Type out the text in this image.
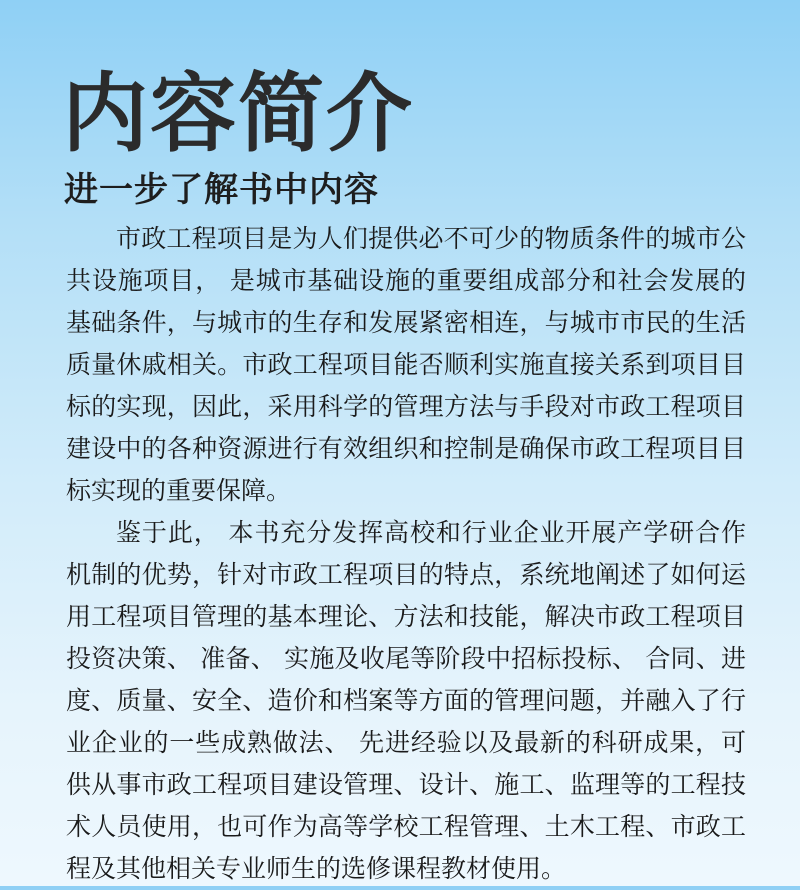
内容简介
进一步了解书中内容

市政工程项目是为人们提供必不可少的物质条件的城市公共设施项目， 是城市基础设施的重要组成部分和社会发展的基础条件，与城市的生存和发展紧密相连，与城市市民的生活质量休戚相关。市政工程项目能否顺利实施直接关系到项目目标的实现，因此，采用科学的管理方法与手段对市政工程项目建设中的各种资源进行有效组织和控制是确保市政工程项目目标实现的重要保障。

鉴于此， 本书充分发挥高校和行业企业开展产学研合作机制的优势，针对市政工程项目的特点，系统地阐述了如何运用工程项目管理的基本理论、方法和技能，解决市政工程项目投资决策、 准备、 实施及收尾等阶段中招标投标、 合同、进度、质量、安全、造价和档案等方面的管理问题，并融入了行业企业的一些成熟做法、 先进经验以及最新的科研成果，可供从事市政工程项目建设管理、设计、施工、监理等的工程技术人员使用，也可作为高等学校工程管理、土木工程、市政工程及其他相关专业师生的选修课程教材使用。
